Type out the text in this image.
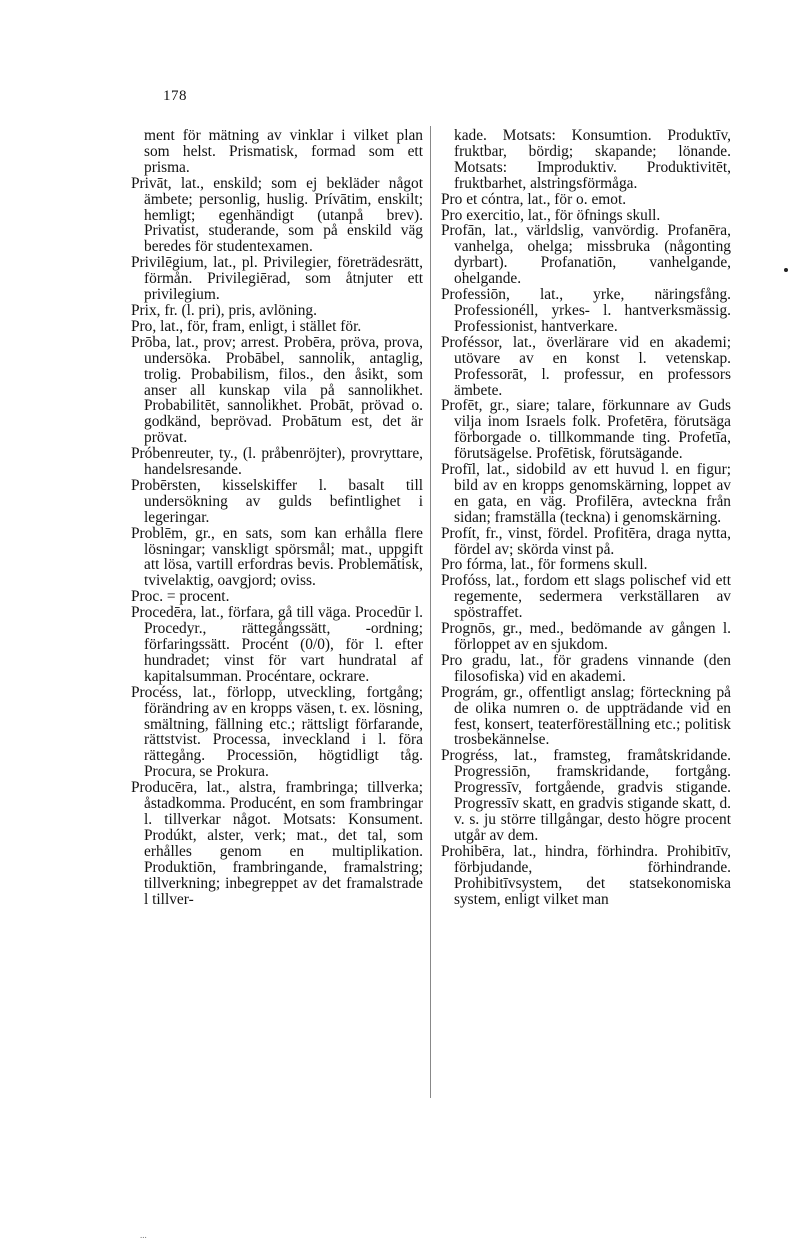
178

ment för mätning av vinklar i vilket plan som helst. Prismatisk, formad som ett prisma.

Privāt, lat., enskild; som ej bekläder något ämbete; personlig, huslig. Prívātim, enskilt; hemligt; egenhändigt (utanpå brev). Privatist, studerande, som på enskild väg beredes för studentexamen.

Privilēgium, lat., pl. Privilegier, företrädesrätt, förmån. Privilegiērad, som åtnjuter ett privilegium.

Prix, fr. (l. pri), pris, avlöning.

Pro, lat., för, fram, enligt, i stället för.

Prōba, lat., prov; arrest. Probēra, pröva, prova, undersöka. Probābel, sannolik, antaglig, trolig. Probabilism, filos., den åsikt, som anser all kunskap vila på sannolikhet. Probabilitēt, sannolikhet. Probāt, prövad o. godkänd, beprövad. Probātum est, det är prövat.

Próbenreuter, ty., (l. pråbenröjter), provryttare, handelsresande.

Probērsten, kisselskiffer l. basalt till undersökning av gulds befintlighet i legeringar.

Problēm, gr., en sats, som kan erhålla flere lösningar; vanskligt spörsmål; mat., uppgift att lösa, vartill erfordras bevis. Problemātisk, tvivelaktig, oavgjord; oviss.

Proc. = procent.

Procedēra, lat., förfara, gå till väga. Procedūr l. Procedyr., rättegångssätt, -ordning; förfaringssätt. Procént (0/0), för l. efter hundradet; vinst för vart hundratal af kapitalsumman. Procéntare, ockrare.

Procéss, lat., förlopp, utveckling, fortgång; förändring av en kropps väsen, t. ex. lösning, smältning, fällning etc.; rättsligt förfarande, rättstvist. Processa, inveckland i l. föra rättegång. Processiōn, högtidligt tåg. Procura, se Prokura.

Producēra, lat., alstra, frambringa; tillverka; åstadkomma. Producént, en som frambringar l. tillverkar något. Motsats: Konsument. Prodúkt, alster, verk; mat., det tal, som erhålles genom en multiplikation. Produktiōn, frambringande, framalstring; tillverkning; inbegreppet av det framalstrade l tillver-

kade. Motsats: Konsumtion. Produktīv, fruktbar, bördig; skapande; lönande. Motsats: Improduktiv. Produktivitēt, fruktbarhet, alstringsförmåga.

Pro et cóntra, lat., för o. emot.

Pro exercitio, lat., för öfnings skull.

Profān, lat., världslig, vanvördig. Profanēra, vanhelga, ohelga; missbruka (någonting dyrbart). Profanatiōn, vanhelgande, ohelgande.

Professiōn, lat., yrke, näringsfång. Professionéll, yrkes- l. hantverksmässig. Professionist, hantverkare.

Proféssor, lat., överlärare vid en akademi; utövare av en konst l. vetenskap. Professorāt, l. professur, en professors ämbete.

Profēt, gr., siare; talare, förkunnare av Guds vilja inom Israels folk. Profetēra, förutsäga förborgade o. tillkommande ting. Profetīa, förutsägelse. Profētisk, förutsägande.

Profīl, lat., sidobild av ett huvud l. en figur; bild av en kropps genomskärning, loppet av en gata, en väg. Profilēra, avteckna från sidan; framställa (teckna) i genomskärning.

Profít, fr., vinst, fördel. Profitēra, draga nytta, fördel av; skörda vinst på.

Pro fórma, lat., för formens skull.

Profóss, lat., fordom ett slags polischef vid ett regemente, sedermera verkställaren av spöstraffet.

Prognōs, gr., med., bedömande av gången l. förloppet av en sjukdom.

Pro gradu, lat., för gradens vinnande (den filosofiska) vid en akademi.

Prográm, gr., offentligt anslag; förteckning på de olika numren o. de uppträdande vid en fest, konsert, teaterföreställning etc.; politisk trosbekännelse.

Progréss, lat., framsteg, framåtskridande. Progressiōn, framskridande, fortgång. Progressīv, fortgående, gradvis stigande. Progressīv skatt, en gradvis stigande skatt, d. v. s. ju större tillgångar, desto högre procent utgår av dem.

Prohibēra, lat., hindra, förhindra. Prohibitīv, förbjudande, förhindrande. Prohibitīvsystem, det statsekonomiska system, enligt vilket man

...
